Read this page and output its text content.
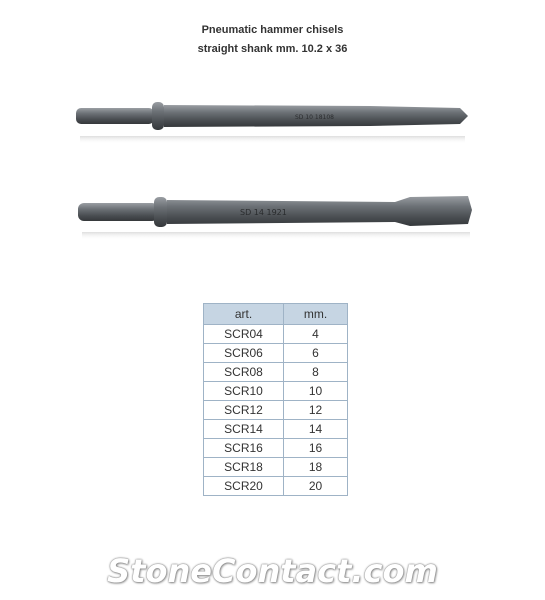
Pneumatic hammer chisels
straight shank mm. 10.2 x 36
SD 10 18108
SD 14 1921
art.	mm.
SCR04	4
SCR06	6
SCR08	8
SCR10	10
SCR12	12
SCR14	14
SCR16	16
SCR18	18
SCR20	20
StoneContact.com
